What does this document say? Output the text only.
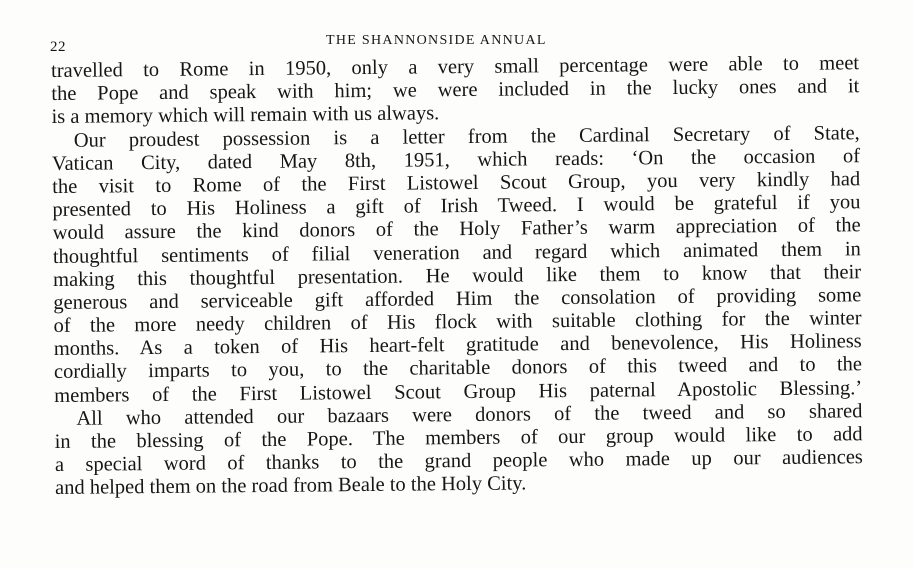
22	THE SHANNONSIDE ANNUAL
travelled to Rome in 1950, only a very small percentage were able to meet
the Pope and speak with him; we were included in the lucky ones and it
is a memory which will remain with us always.
Our proudest possession is a letter from the Cardinal Secretary of State,
Vatican City, dated May 8th, 1951, which reads: ‘On the occasion of
the visit to Rome of the First Listowel Scout Group, you very kindly had
presented to His Holiness a gift of Irish Tweed. I would be grateful if you
would assure the kind donors of the Holy Father’s warm appreciation of the
thoughtful sentiments of filial veneration and regard which animated them in
making this thoughtful presentation. He would like them to know that their
generous and serviceable gift afforded Him the consolation of providing some
of the more needy children of His flock with suitable clothing for the winter
months. As a token of His heart-felt gratitude and benevolence, His Holiness
cordially imparts to you, to the charitable donors of this tweed and to the
members of the First Listowel Scout Group His paternal Apostolic Blessing.’
All who attended our bazaars were donors of the tweed and so shared
in the blessing of the Pope. The members of our group would like to add
a special word of thanks to the grand people who made up our audiences
and helped them on the road from Beale to the Holy City.
